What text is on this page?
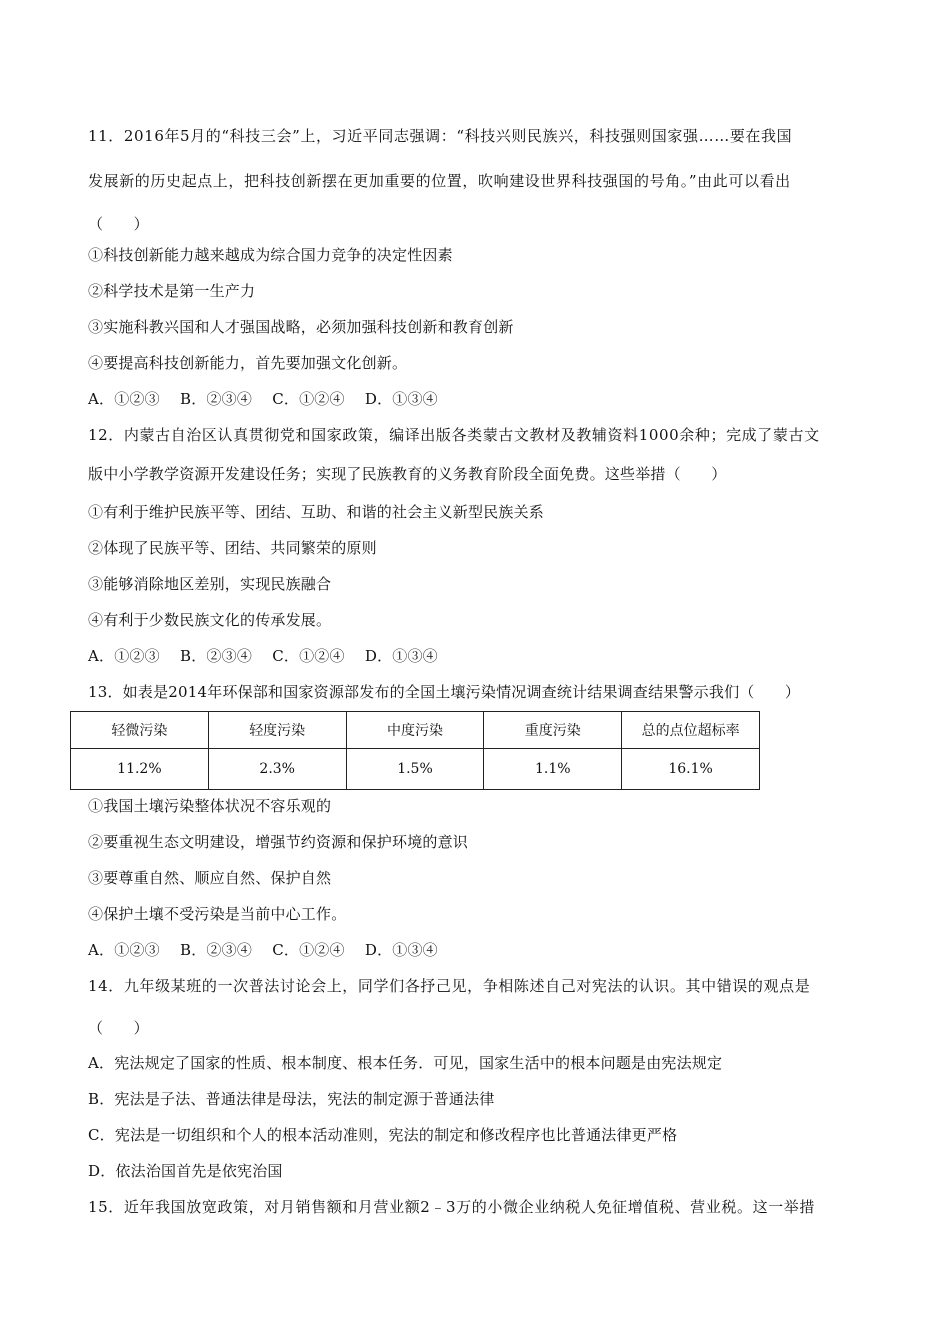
11．2016年5月的“科技三会”上，习近平同志强调：“科技兴则民族兴，科技强则国家强……要在我国
发展新的历史起点上，把科技创新摆在更加重要的位置，吹响建设世界科技强国的号角。”由此可以看出
（　　）
①科技创新能力越来越成为综合国力竞争的决定性因素
②科学技术是第一生产力
③实施科教兴国和人才强国战略，必须加强科技创新和教育创新
④要提高科技创新能力，首先要加强文化创新。
A．①②③　 B．②③④　 C．①②④　 D．①③④
12．内蒙古自治区认真贯彻党和国家政策，编译出版各类蒙古文教材及教辅资料1000余种；完成了蒙古文
版中小学教学资源开发建设任务；实现了民族教育的义务教育阶段全面免费。这些举措（　　）
①有利于维护民族平等、团结、互助、和谐的社会主义新型民族关系
②体现了民族平等、团结、共同繁荣的原则
③能够消除地区差别，实现民族融合
④有利于少数民族文化的传承发展。
A．①②③　 B．②③④　 C．①②④　 D．①③④
13．如表是2014年环保部和国家资源部发布的全国土壤污染情况调查统计结果调查结果警示我们（　　）
轻微污染	轻度污染	中度污染	重度污染	总的点位超标率
11.2%	2.3%	1.5%	1.1%	16.1%
①我国土壤污染整体状况不容乐观的
②要重视生态文明建设，增强节约资源和保护环境的意识
③要尊重自然、顺应自然、保护自然
④保护土壤不受污染是当前中心工作。
A．①②③　 B．②③④　 C．①②④　 D．①③④
14．九年级某班的一次普法讨论会上，同学们各抒己见，争相陈述自己对宪法的认识。其中错误的观点是
（　　）
A．宪法规定了国家的性质、根本制度、根本任务．可见，国家生活中的根本问题是由宪法规定
B．宪法是子法、普通法律是母法，宪法的制定源于普通法律
C．宪法是一切组织和个人的根本活动准则，宪法的制定和修改程序也比普通法律更严格
D．依法治国首先是依宪治国
15．近年我国放宽政策，对月销售额和月营业额2﹣3万的小微企业纳税人免征增值税、营业税。这一举措
